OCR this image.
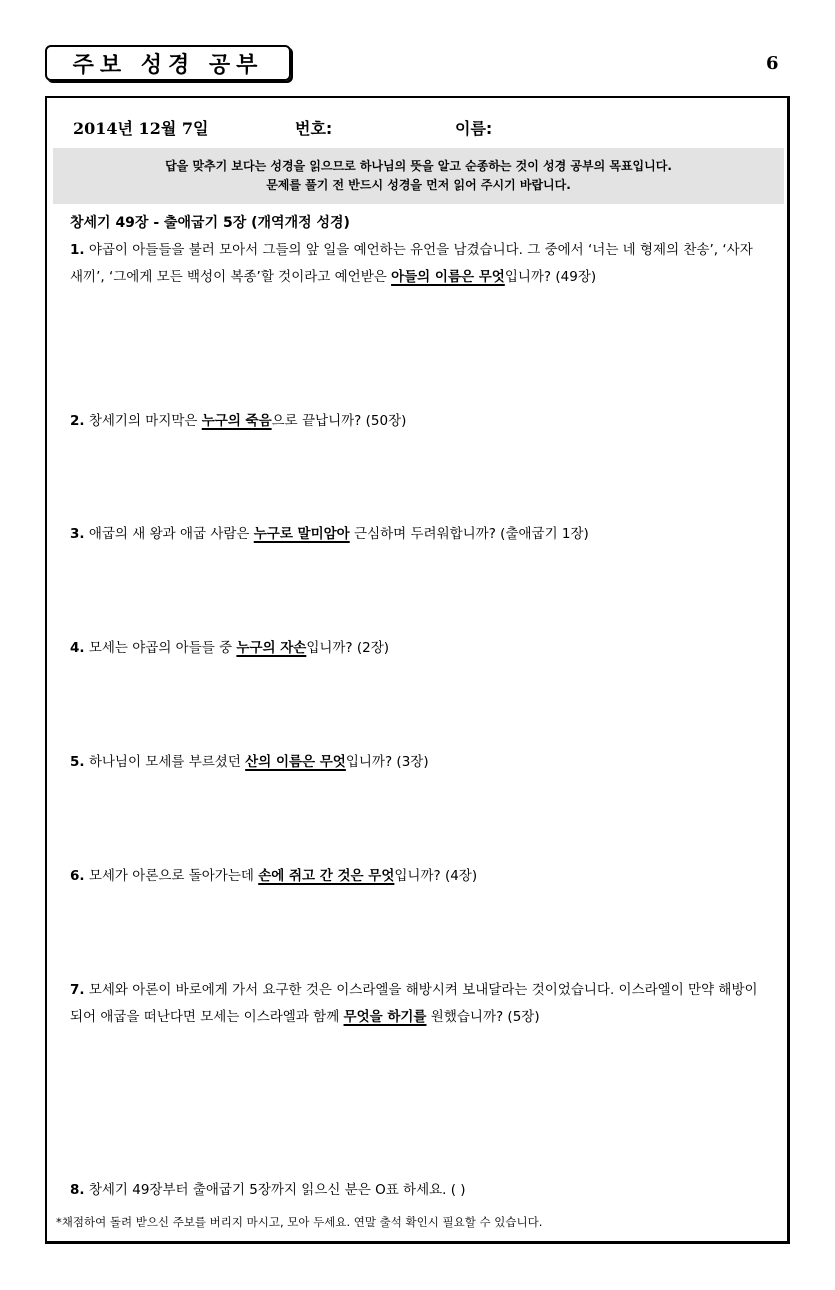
주보 성경 공부	6
2014년 12월 7일	번호:	이름:
답을 맞추기 보다는 성경을 읽으므로 하나님의 뜻을 알고 순종하는 것이 성경 공부의 목표입니다.
문제를 풀기 전 반드시 성경을 먼저 읽어 주시기 바랍니다.
창세기 49장 - 출애굽기 5장 (개역개정 성경)
1. 야곱이 아들들을 불러 모아서 그들의 앞 일을 예언하는 유언을 남겼습니다. 그 중에서 ‘너는 네 형제의 찬송’, ‘사자 새끼’, ‘그에게 모든 백성이 복종’할 것이라고 예언받은 아들의 이름은 무엇입니까? (49장)
2. 창세기의 마지막은 누구의 죽음으로 끝납니까? (50장)
3. 애굽의 새 왕과 애굽 사람은 누구로 말미암아 근심하며 두려워합니까? (출애굽기 1장)
4. 모세는 야곱의 아들들 중 누구의 자손입니까? (2장)
5. 하나님이 모세를 부르셨던 산의 이름은 무엇입니까? (3장)
6. 모세가 아론으로 돌아가는데 손에 쥐고 간 것은 무엇입니까? (4장)
7. 모세와 아론이 바로에게 가서 요구한 것은 이스라엘을 해방시켜 보내달라는 것이었습니다. 이스라엘이 만약 해방이 되어 애굽을 떠난다면 모세는 이스라엘과 함께 무엇을 하기를 원했습니까? (5장)
8. 창세기 49장부터 출애굽기 5장까지 읽으신 분은 O표 하세요. ( )
*채점하여 돌려 받으신 주보를 버리지 마시고, 모아 두세요. 연말 출석 확인시 필요할 수 있습니다.
